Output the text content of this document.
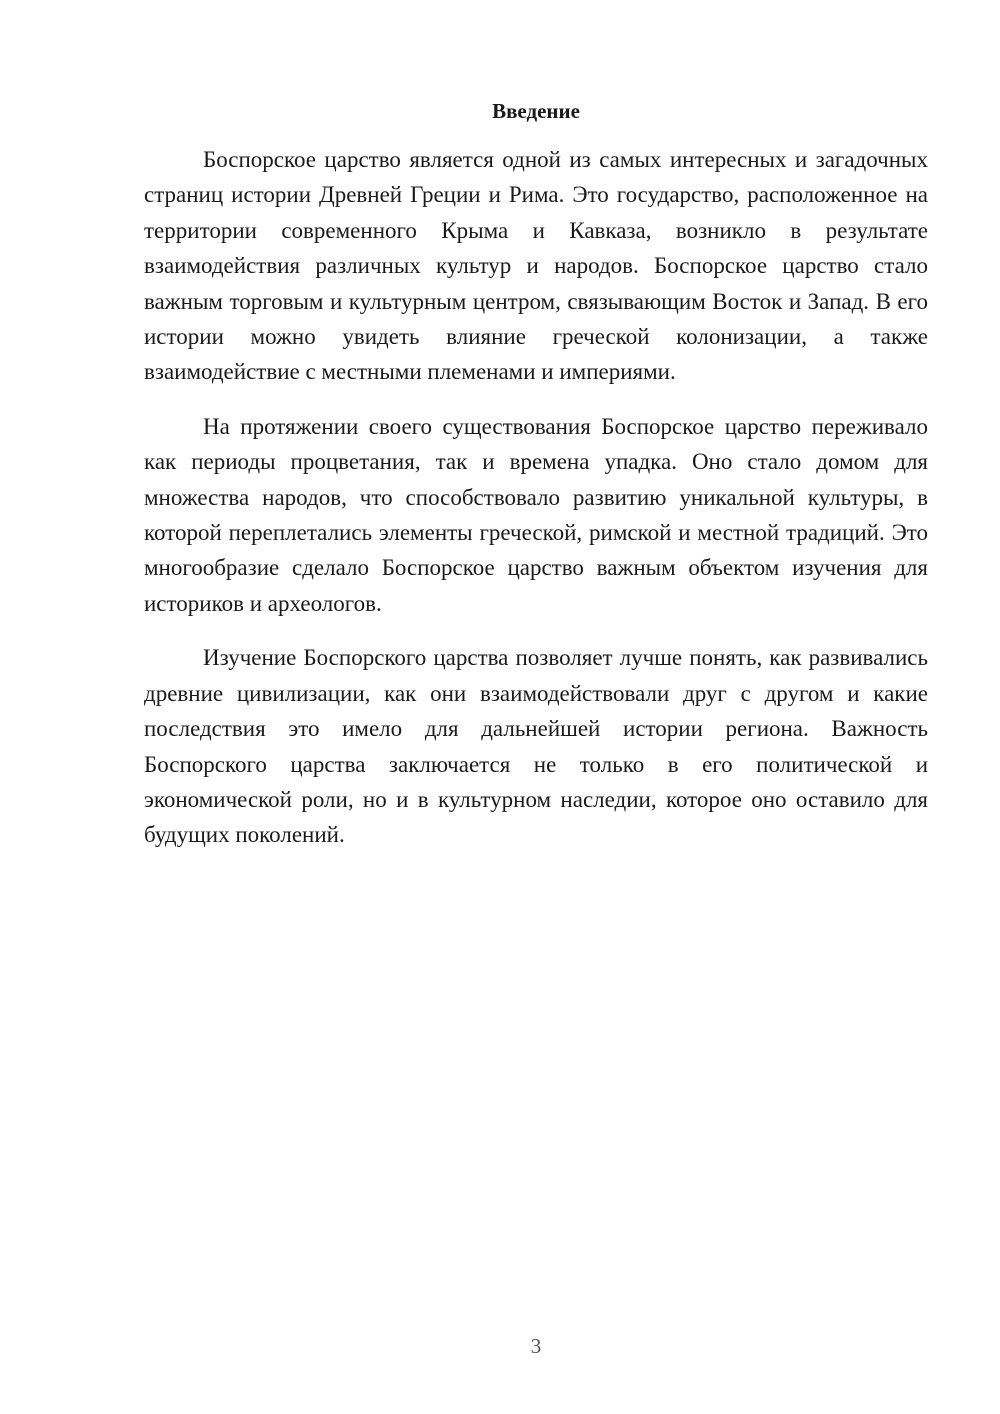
Введение

Боспорское царство является одной из самых интересных и загадочных страниц истории Древней Греции и Рима. Это государство, расположенное на территории современного Крыма и Кавказа, возникло в результате взаимодействия различных культур и народов. Боспорское царство стало важным торговым и культурным центром, связывающим Восток и Запад. В его истории можно увидеть влияние греческой колонизации, а также взаимодействие с местными племенами и империями.

На протяжении своего существования Боспорское царство переживало как периоды процветания, так и времена упадка. Оно стало домом для множества народов, что способствовало развитию уникальной культуры, в которой переплетались элементы греческой, римской и местной традиций. Это многообразие сделало Боспорское царство важным объектом изучения для историков и археологов.

Изучение Боспорского царства позволяет лучше понять, как развивались древние цивилизации, как они взаимодействовали друг с другом и какие последствия это имело для дальнейшей истории региона. Важность Боспорского царства заключается не только в его политической и экономической роли, но и в культурном наследии, которое оно оставило для будущих поколений.

3
